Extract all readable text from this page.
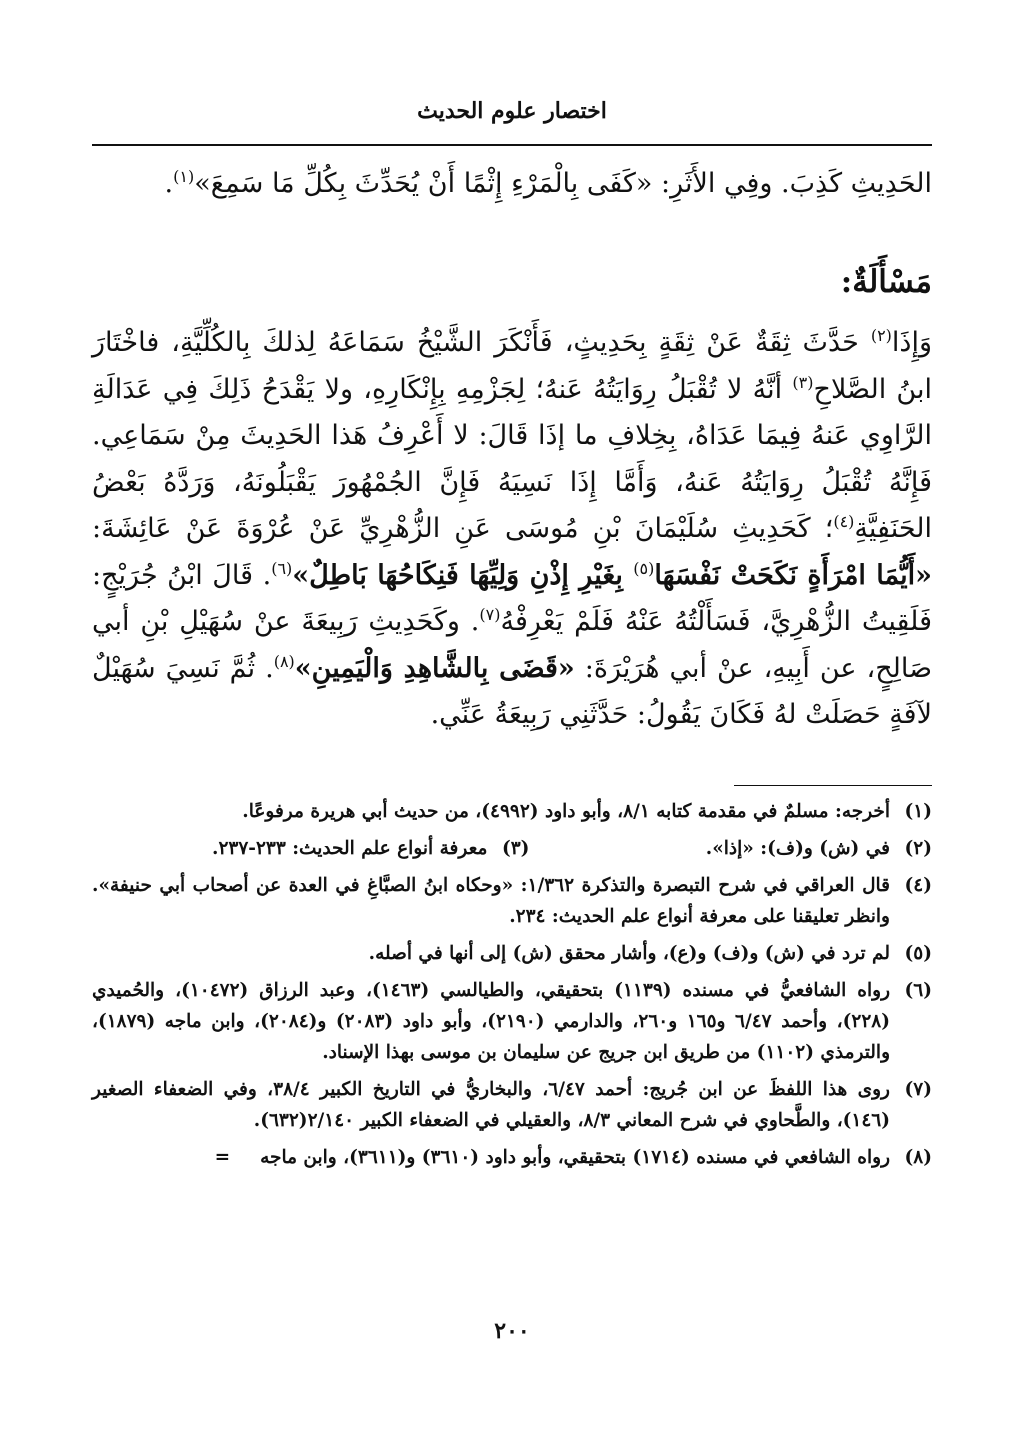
اختصار علوم الحديث
الحَدِيثِ كَذِبَ. وفِي الأَثَرِ: «كَفَى بِالْمَرْءِ إِثْمًا أَنْ يُحَدِّثَ بِكُلِّ مَا سَمِعَ»$^{(١)}$.
مَسْأَلَةٌ:

وَإِذَا$^{(٢)}$ حَدَّثَ ثِقَةٌ عَنْ ثِقَةٍ بِحَدِيثٍ، فَأَنْكَرَ الشَّيْخُ سَمَاعَهُ لِذلكَ بِالكُلِّيَّةِ، فاخْتَارَ ابنُ الصَّلاحِ$^{(٣)}$ أنَّهُ لا تُقْبَلُ رِوَايَتُهُ عَنهُ؛ لِجَزْمِهِ بِإِنْكَارِهِ، ولا يَقْدَحُ ذَلِكَ فِي عَدَالَةِ الرَّاوِي عَنهُ فِيمَا عَدَاهُ، بِخِلافِ ما إذَا قَالَ: لا أَعْرِفُ هَذا الحَدِيثَ مِنْ سَمَاعِي. فَإِنَّهُ تُقْبَلُ رِوَايَتُهُ عَنهُ، وَأَمَّا إِذَا نَسِيَهُ فَإِنَّ الجُمْهُورَ يَقْبَلُونَهُ، وَرَدَّهُ بَعْضُ الحَنَفِيَّةِ$^{(٤)}$؛ كَحَدِيثِ سُلَيْمَانَ بْنِ مُوسَى عَنِ الزُّهْرِيِّ عَنْ عُرْوَةَ عَنْ عَائِشَةَ: «أَيُّمَا امْرَأَةٍ نَكَحَتْ نَفْسَهَا$^{(٥)}$ بِغَيْرِ إِذْنِ وَلِيِّهَا فَنِكَاحُهَا بَاطِلٌ»$^{(٦)}$. قَالَ ابْنُ جُرَيْجٍ: فَلَقِيتُ الزُّهْرِيَّ، فَسَأَلْتُهُ عَنْهُ فَلَمْ يَعْرِفْهُ$^{(٧)}$. وكَحَدِيثِ رَبِيعَةَ عنْ سُهَيْلِ بْنِ أبي صَالِحٍ، عن أَبِيهِ، عنْ أبي هُرَيْرَةَ: «قَضَى بِالشَّاهِدِ وَالْيَمِينِ»$^{(٨)}$. ثُمَّ نَسِيَ سُهَيْلٌ لآفَةٍ حَصَلَتْ لهُ فَكَانَ يَقُولُ: حَدَّثَنِي رَبِيعَةُ عَنِّي.

(١)
أخرجه: مسلمٌ في مقدمة كتابه ٨/١، وأبو داود (٤٩٩٢)، من حديث أبي هريرة مرفوعًا.
(٢)
في (ش) و(ف): «إذا».
(٣)
معرفة أنواع علم الحديث: ٢٣٣-٢٣٧.
(٤)
قال العراقي في شرح التبصرة والتذكرة ١/٣٦٢: «وحكاه ابنُ الصبَّاغِ في العدة عن أصحاب أبي حنيفة». وانظر تعليقنا على معرفة أنواع علم الحديث: ٢٣٤.
(٥)
لم ترد في (ش) و(ف) و(ع)، وأشار محقق (ش) إلى أنها في أصله.
(٦)
رواه الشافعيُّ في مسنده (١١٣٩) بتحقيقي، والطيالسي (١٤٦٣)، وعبد الرزاق (١٠٤٧٢)، والحُميدي (٢٢٨)، وأحمد ٦/٤٧ و١٦٥ و٢٦٠، والدارمي (٢١٩٠)، وأبو داود (٢٠٨٣) و(٢٠٨٤)، وابن ماجه (١٨٧٩)، والترمذي (١١٠٢) من طريق ابن جريج عن سليمان بن موسى بهذا الإسناد.
(٧)
روى هذا اللفظَ عن ابن جُريج: أحمد ٦/٤٧، والبخاريُّ في التاريخ الكبير ٣٨/٤، وفي الضعفاء الصغير (١٤٦)، والطَّحاوي في شرح المعاني ٨/٣، والعقيلي في الضعفاء الكبير ٢/١٤٠(٦٣٢).
(٨)
رواه الشافعي في مسنده (١٧١٤) بتحقيقي، وأبو داود (٣٦١٠) و(٣٦١١)، وابن ماجه
=
٢٠٠
